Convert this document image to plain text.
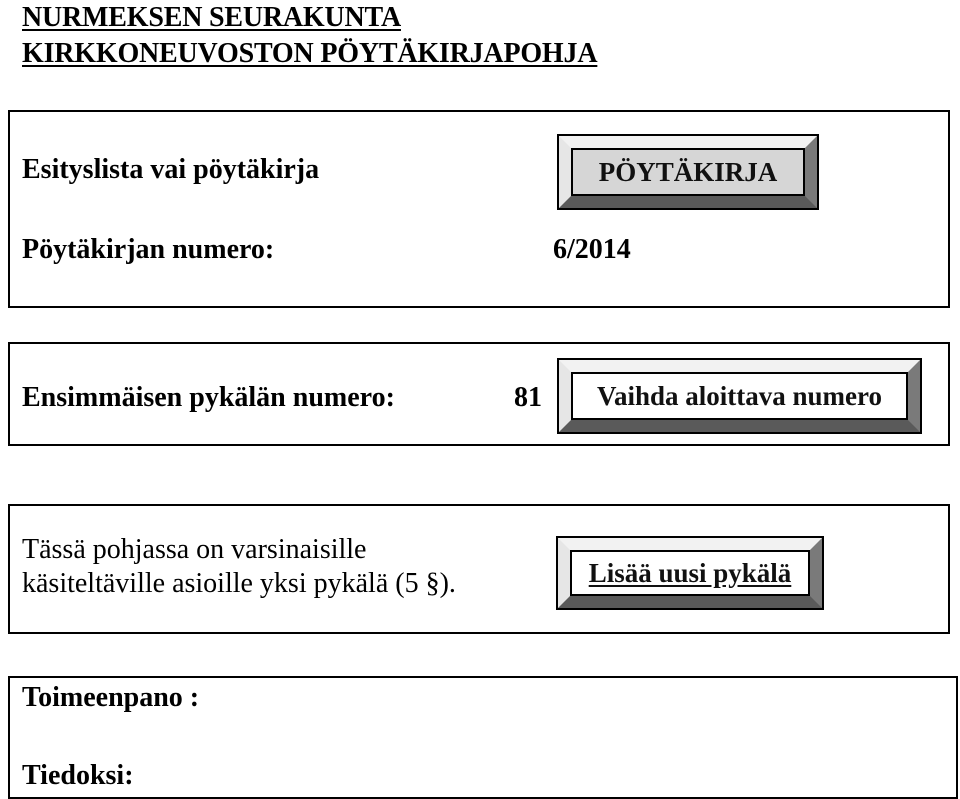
NURMEKSEN SEURAKUNTA
KIRKKONEUVOSTON PÖYTÄKIRJAPOHJA
Esityslista vai pöytäkirja	PÖYTÄKIRJA
Pöytäkirjan numero:	6/2014
Ensimmäisen pykälän numero:	81 Vaihda aloittava numero
Tässä pohjassa on varsinaisille
käsiteltäville asioille yksi pykälä (5 §).	Lisää uusi pykälä
Toimeenpano :
Tiedoksi:
